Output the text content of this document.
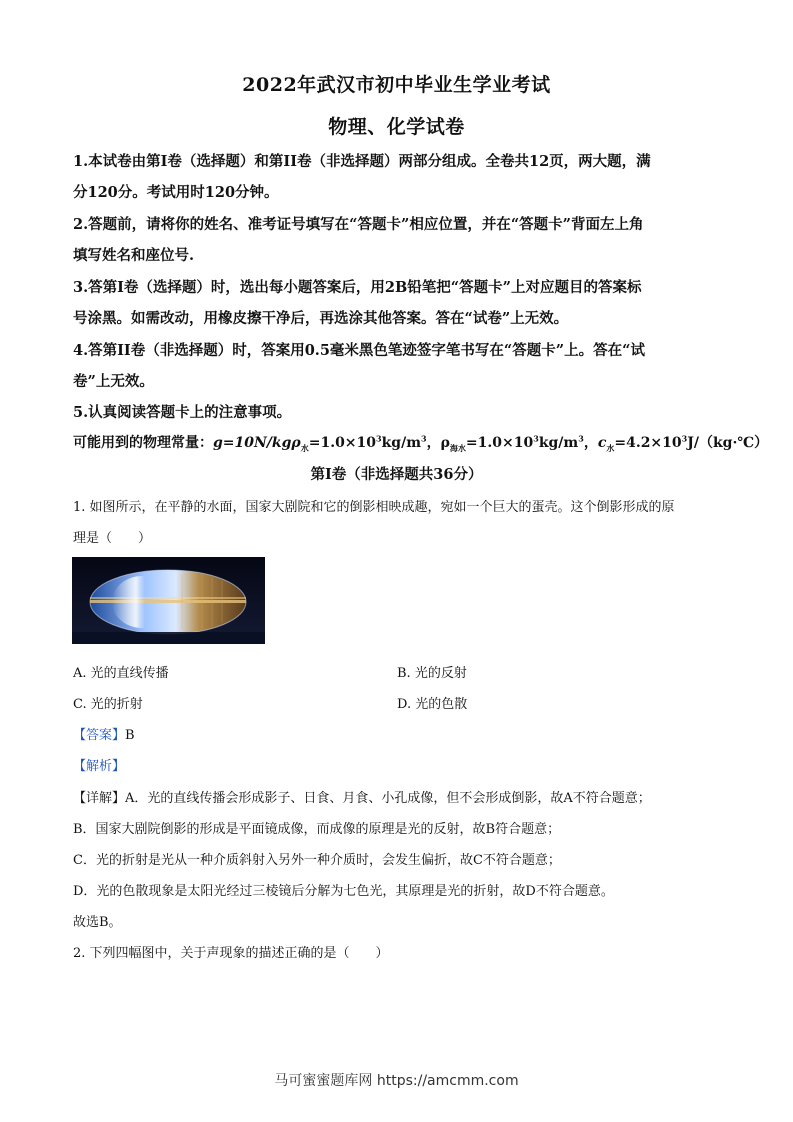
2022年武汉市初中毕业生学业考试
物理、化学试卷
1.本试卷由第I卷（选择题）和第II卷（非选择题）两部分组成。全卷共12页，两大题，满
分120分。考试用时120分钟。
2.答题前，请将你的姓名、准考证号填写在“答题卡”相应位置，并在“答题卡”背面左上角
填写姓名和座位号.
3.答第I卷（选择题）时，选出每小题答案后，用2B铅笔把“答题卡”上对应题目的答案标
号涂黑。如需改动，用橡皮擦干净后，再选涂其他答案。答在“试卷”上无效。
4.答第II卷（非选择题）时，答案用0.5毫米黑色笔迹签字笔书写在“答题卡”上。答在“试
卷”上无效。
5.认真阅读答题卡上的注意事项。
可能用到的物理常量：$g=10N/kg\rho_水=1.0\times 10^3kg/m^3$，$\rho_{海水}=1.0\times 10^3kg/m^3$，$c_水=4.2\times 10^3J/(kg\cdot℃)$
第I卷（非选择题共36分）
1. 如图所示，在平静的水面，国家大剧院和它的倒影相映成趣，宛如一个巨大的蛋壳。这个倒影形成的原
理是（　　）
A. 光的直线传播	B. 光的反射
C. 光的折射	D. 光的色散
【答案】B
【解析】
【详解】A．光的直线传播会形成影子、日食、月食、小孔成像，但不会形成倒影，故A不符合题意；
B．国家大剧院倒影的形成是平面镜成像，而成像的原理是光的反射，故B符合题意；
C．光的折射是光从一种介质斜射入另外一种介质时，会发生偏折，故C不符合题意；
D．光的色散现象是太阳光经过三棱镜后分解为七色光，其原理是光的折射，故D不符合题意。
故选B。
2. 下列四幅图中，关于声现象的描述正确的是（　　）
马可蜜蜜题库网 https://amcmm.com
